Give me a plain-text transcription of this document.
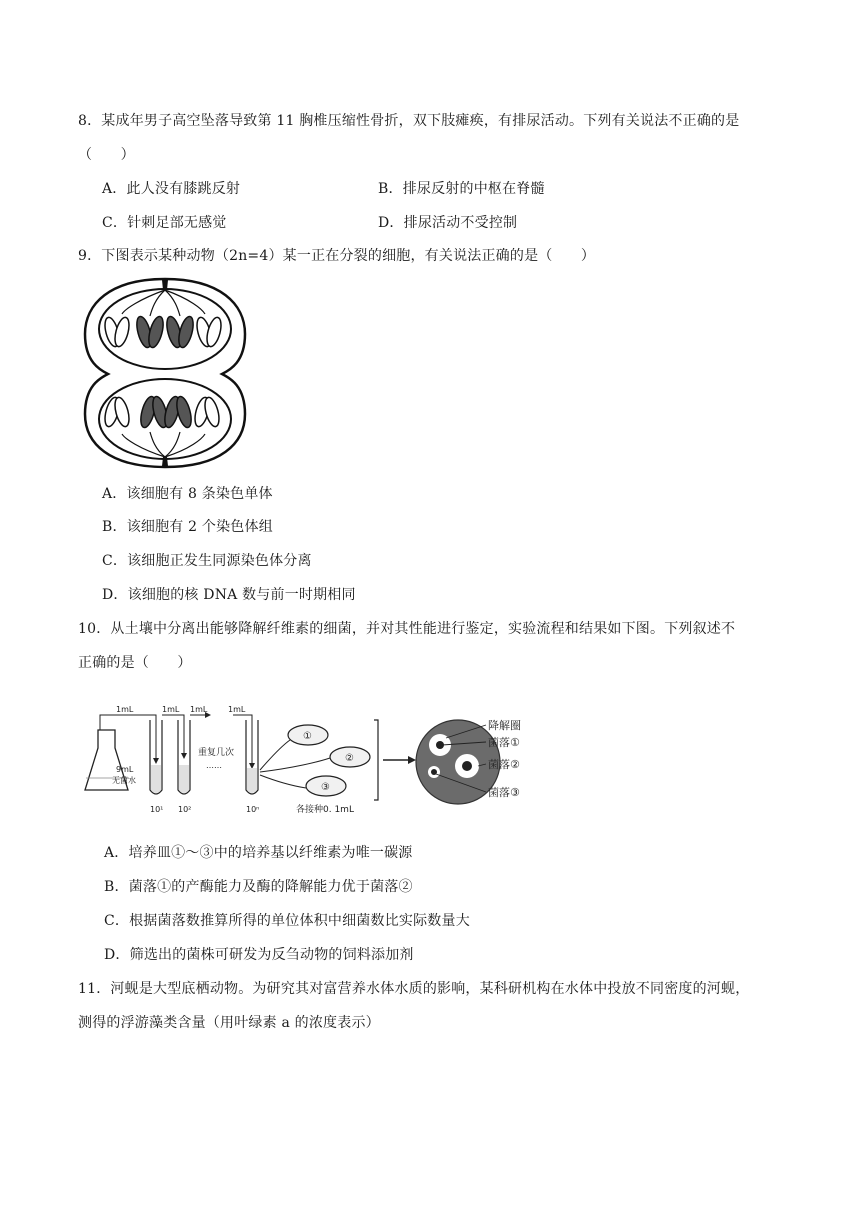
8．某成年男子高空坠落导致第 11 胸椎压缩性骨折，双下肢瘫痪，有排尿活动。下列有关说法不正确的是
（　　）
A．此人没有膝跳反射	B．排尿反射的中枢在脊髓
C．针刺足部无感觉	D．排尿活动不受控制
9．下图表示某种动物（2n=4）某一正在分裂的细胞，有关说法正确的是（　　）
A．该细胞有 8 条染色单体
B．该细胞有 2 个染色体组
C．该细胞正发生同源染色体分离
D．该细胞的核 DNA 数与前一时期相同
10．从土壤中分离出能够降解纤维素的细菌，并对其性能进行鉴定，实验流程和结果如下图。下列叙述不
正确的是（　　）
9mL
无菌水
1mL	1mL 1mL	1mL
10¹ 10²	10ⁿ
重复几次
……
①
②
③
各接种0. 1mL
降解圈
菌落①
菌落②
菌落③
A．培养皿①～③中的培养基以纤维素为唯一碳源
B．菌落①的产酶能力及酶的降解能力优于菌落②
C．根据菌落数推算所得的单位体积中细菌数比实际数量大
D．筛选出的菌株可研发为反刍动物的饲料添加剂
11．河蚬是大型底栖动物。为研究其对富营养水体水质的影响，某科研机构在水体中投放不同密度的河蚬，
测得的浮游藻类含量（用叶绿素 a 的浓度表示）
